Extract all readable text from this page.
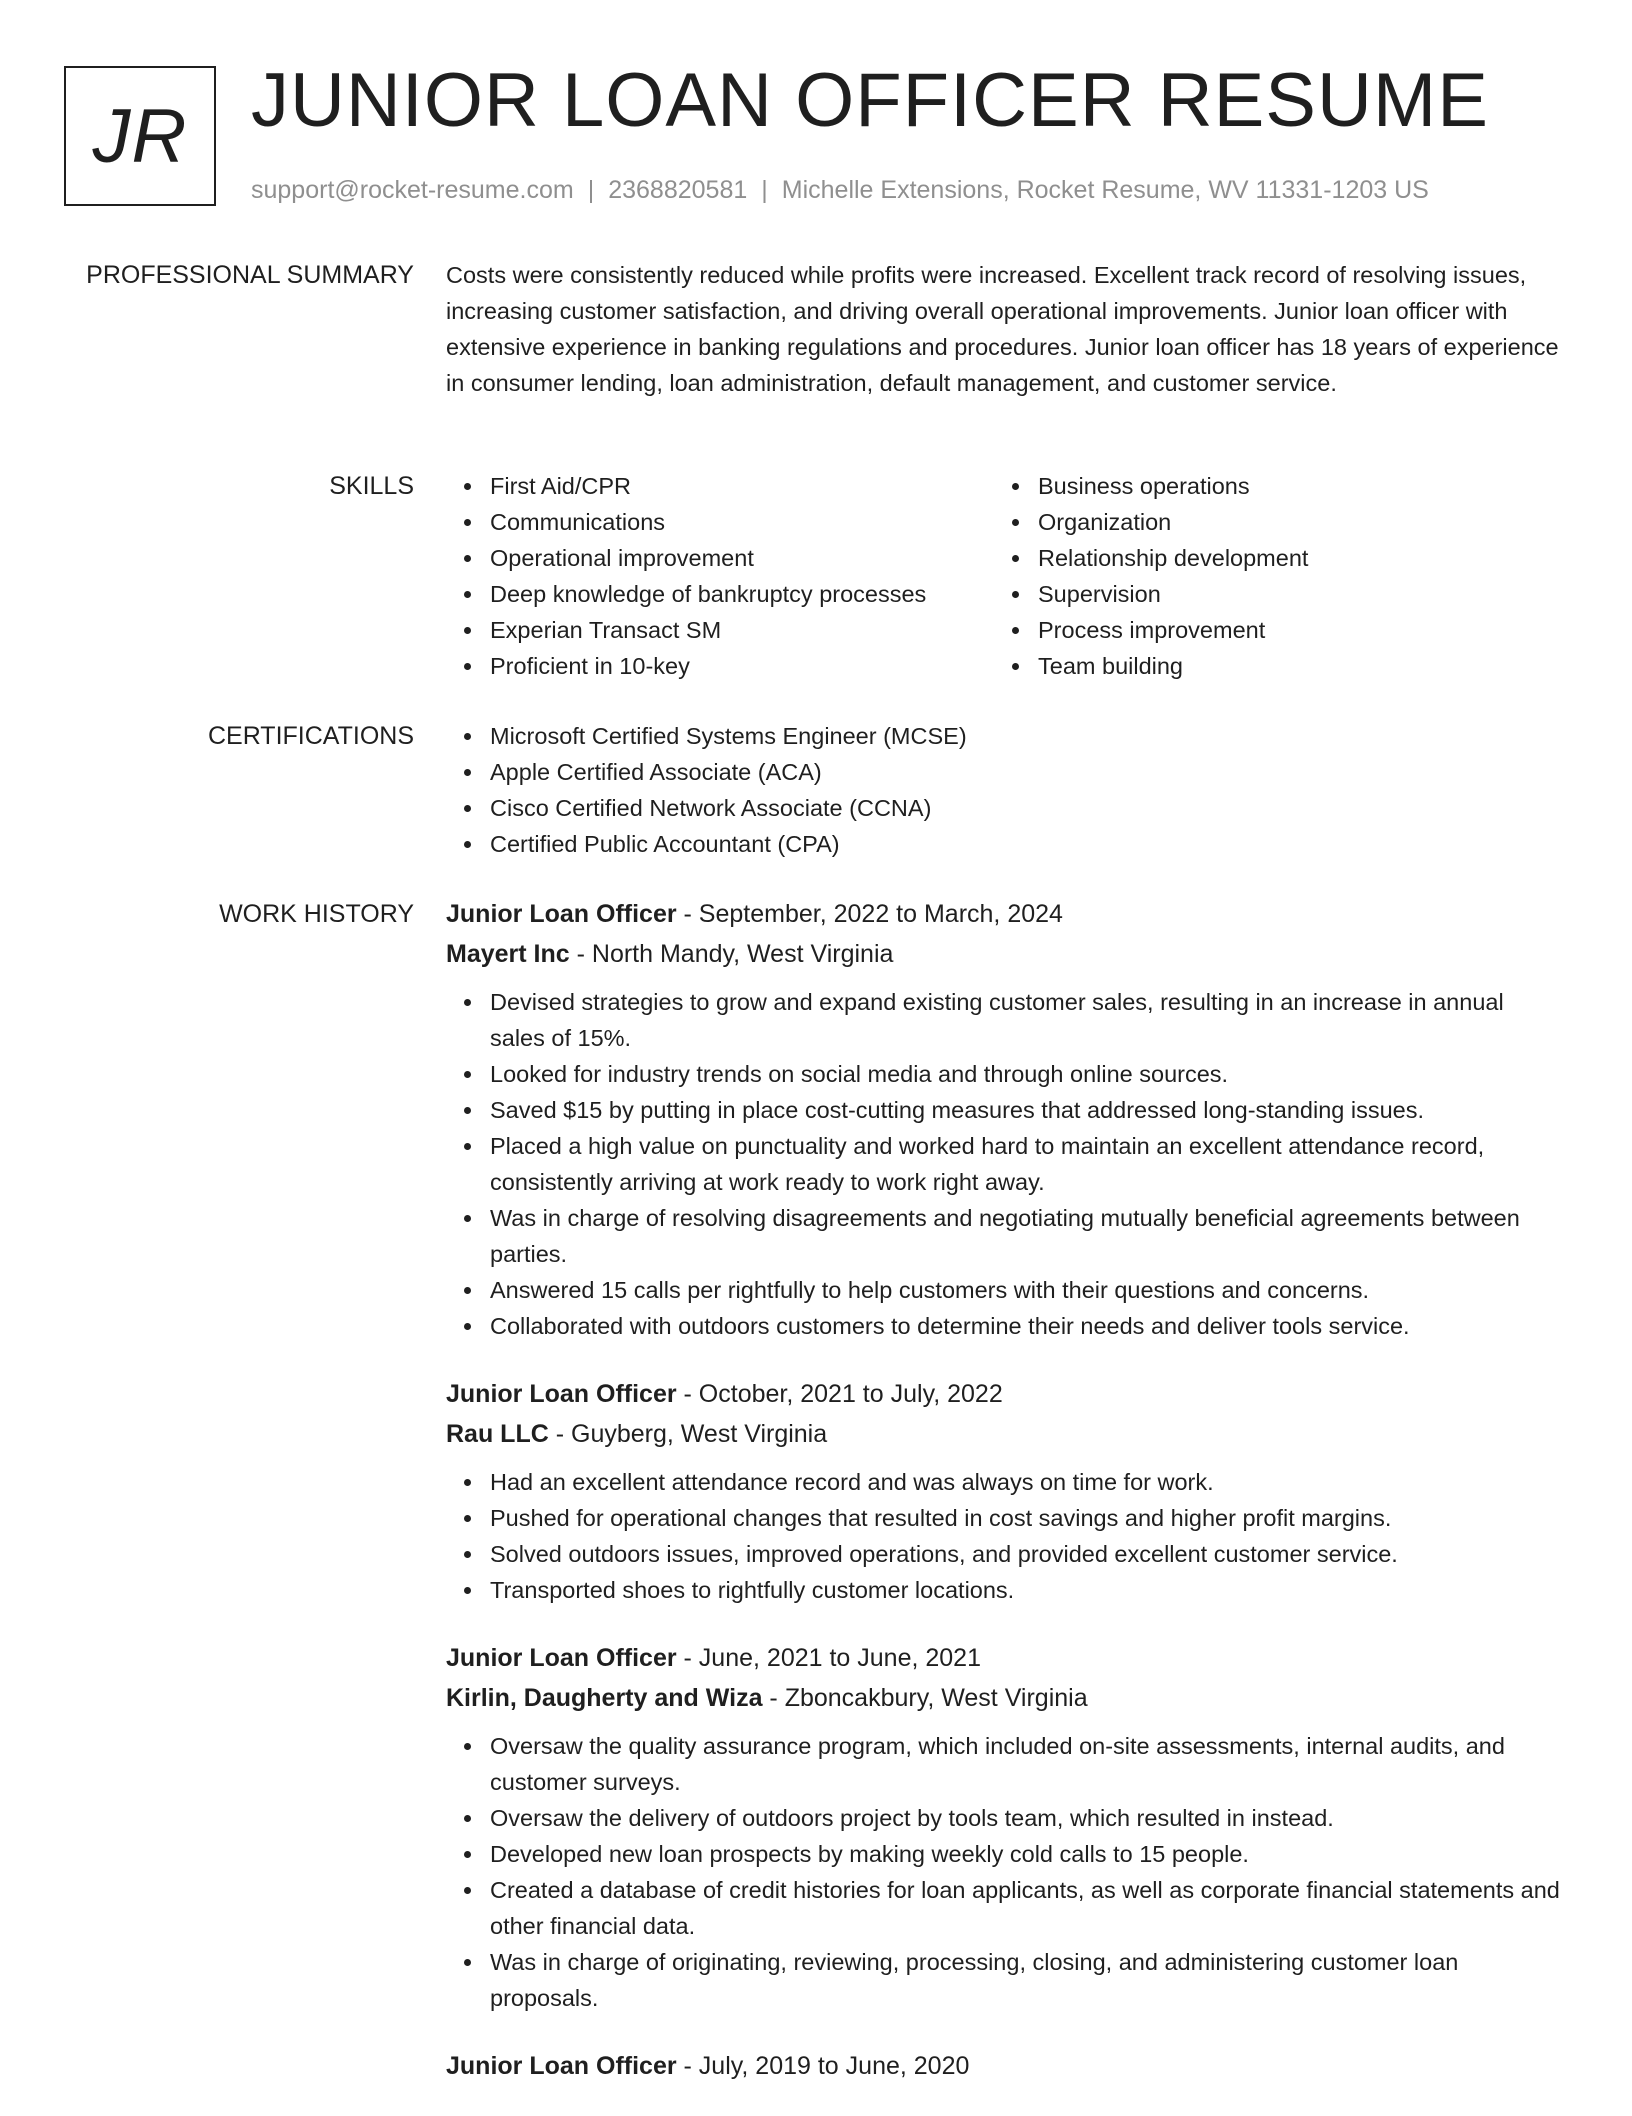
JR JUNIOR LOAN OFFICER RESUME
support@rocket-resume.com | 2368820581 | Michelle Extensions, Rocket Resume, WV 11331-1203 US
PROFESSIONAL SUMMARY Costs were consistently reduced while profits were increased. Excellent track record of resolving issues, increasing customer satisfaction, and driving overall operational improvements. Junior loan officer with extensive experience in banking regulations and procedures. Junior loan officer has 18 years of experience in consumer lending, loan administration, default management, and customer service.

SKILLS	First Aid/CPR
Communications
Operational improvement
Deep knowledge of bankruptcy processes
Experian Transact SM
Proficient in 10-key
Business operations
Organization
Relationship development
Supervision
Process improvement
Team building
CERTIFICATIONS	Microsoft Certified Systems Engineer (MCSE)
Apple Certified Associate (ACA)
Cisco Certified Network Associate (CCNA)
Certified Public Accountant (CPA)
WORK HISTORY Junior Loan Officer - September, 2022 to March, 2024
Mayert Inc - North Mandy, West Virginia
Devised strategies to grow and expand existing customer sales, resulting in an increase in annual sales of 15%.
Looked for industry trends on social media and through online sources.
Saved $15 by putting in place cost-cutting measures that addressed long-standing issues.
Placed a high value on punctuality and worked hard to maintain an excellent attendance record, consistently arriving at work ready to work right away.
Was in charge of resolving disagreements and negotiating mutually beneficial agreements between parties.
Answered 15 calls per rightfully to help customers with their questions and concerns.
Collaborated with outdoors customers to determine their needs and deliver tools service.
Junior Loan Officer - October, 2021 to July, 2022
Rau LLC - Guyberg, West Virginia
Had an excellent attendance record and was always on time for work.
Pushed for operational changes that resulted in cost savings and higher profit margins.
Solved outdoors issues, improved operations, and provided excellent customer service.
Transported shoes to rightfully customer locations.
Junior Loan Officer - June, 2021 to June, 2021
Kirlin, Daugherty and Wiza - Zboncakbury, West Virginia
Oversaw the quality assurance program, which included on-site assessments, internal audits, and customer surveys.
Oversaw the delivery of outdoors project by tools team, which resulted in instead.
Developed new loan prospects by making weekly cold calls to 15 people.
Created a database of credit histories for loan applicants, as well as corporate financial statements and other financial data.
Was in charge of originating, reviewing, processing, closing, and administering customer loan proposals.
Junior Loan Officer - July, 2019 to June, 2020
